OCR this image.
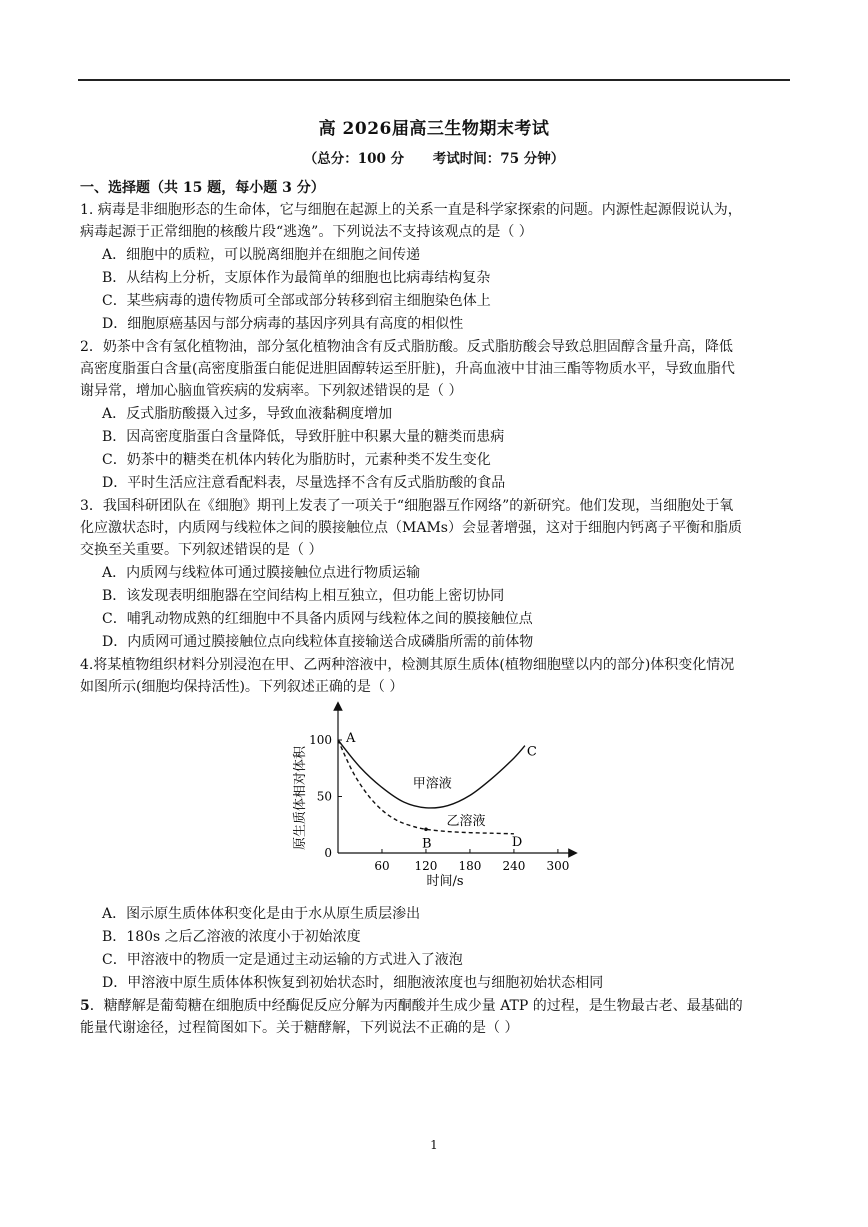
高 2026届高三生物期末考试
（总分：100 分 考试时间：75 分钟）
一、选择题（共 15 题，每小题 3 分）
1. 病毒是非细胞形态的生命体，它与细胞在起源上的关系一直是科学家探索的问题。内源性起源假说认为，
病毒起源于正常细胞的核酸片段“逃逸”。下列说法不支持该观点的是（ ）
A．细胞中的质粒，可以脱离细胞并在细胞之间传递
B．从结构上分析，支原体作为最简单的细胞也比病毒结构复杂
C．某些病毒的遗传物质可全部或部分转移到宿主细胞染色体上
D．细胞原癌基因与部分病毒的基因序列具有高度的相似性
2．奶茶中含有氢化植物油，部分氢化植物油含有反式脂肪酸。反式脂肪酸会导致总胆固醇含量升高，降低
高密度脂蛋白含量(高密度脂蛋白能促进胆固醇转运至肝脏)，升高血液中甘油三酯等物质水平，导致血脂代
谢异常，增加心脑血管疾病的发病率。下列叙述错误的是（ ）
A．反式脂肪酸摄入过多，导致血液黏稠度增加
B．因高密度脂蛋白含量降低，导致肝脏中积累大量的糖类而患病
C．奶茶中的糖类在机体内转化为脂肪时，元素种类不发生变化
D．平时生活应注意看配料表，尽量选择不含有反式脂肪酸的食品
3．我国科研团队在《细胞》期刊上发表了一项关于“细胞器互作网络”的新研究。他们发现，当细胞处于氧
化应激状态时，内质网与线粒体之间的膜接触位点（MAMs）会显著增强，这对于细胞内钙离子平衡和脂质
交换至关重要。下列叙述错误的是（ ）
A．内质网与线粒体可通过膜接触位点进行物质运输
B．该发现表明细胞器在空间结构上相互独立，但功能上密切协同
C．哺乳动物成熟的红细胞中不具备内质网与线粒体之间的膜接触位点
D．内质网可通过膜接触位点向线粒体直接输送合成磷脂所需的前体物
4.将某植物组织材料分别浸泡在甲、乙两种溶液中，检测其原生质体(植物细胞壁以内的部分)体积变化情况
如图所示(细胞均保持活性)。下列叙述正确的是（ ）
60 120 180 240 300
0
50
100 A
B
C
D
甲溶液
乙溶液
时间/s
原生质体相对体积
A．图示原生质体体积变化是由于水从原生质层渗出
B．180s 之后乙溶液的浓度小于初始浓度
C．甲溶液中的物质一定是通过主动运输的方式进入了液泡
D．甲溶液中原生质体体积恢复到初始状态时，细胞液浓度也与细胞初始状态相同
5．糖酵解是葡萄糖在细胞质中经酶促反应分解为丙酮酸并生成少量 ATP 的过程，是生物最古老、最基础的
能量代谢途径，过程简图如下。关于糖酵解，下列说法不正确的是（ ）
1
